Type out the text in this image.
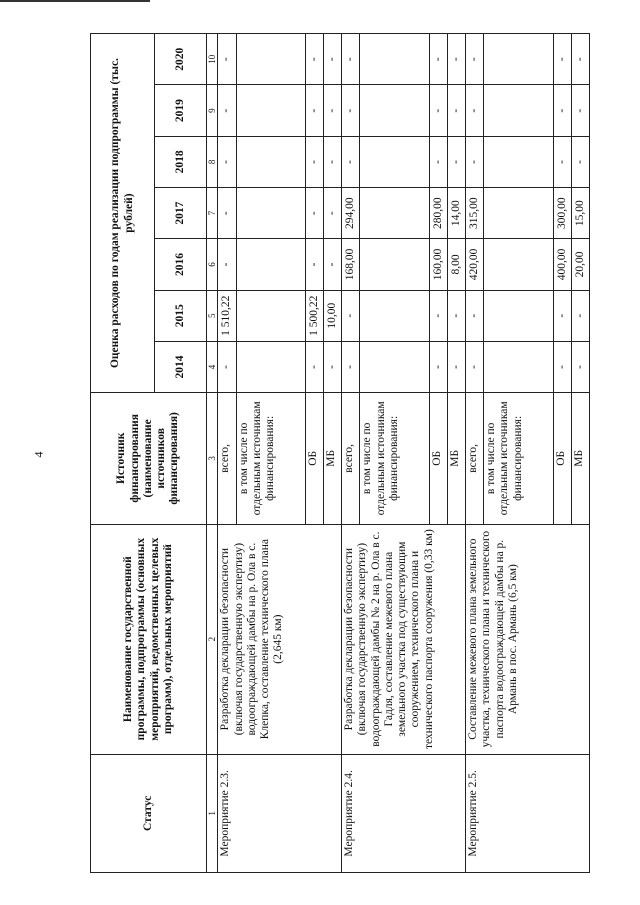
4
Статус	Наименование государственной программы, подпрограммы (основных мероприятий, ведомственных целевых программ), отдельных мероприятий	Источник финансирования (наименование источников финансирования)	Оценка расходов по годам реализации подпрограммы (тыс. рублей)						
			2014	2015	2016	2017	2018	2019	2020
1	2	3	4	5	6	7	8	9	10
Мероприятие 2.3.	Разработка декларации безопасности (включая государственную экспертизу) водоограждающей дамбы на р. Ола в с. Клепка, составление технического плана (2,645 км)	всего,	-	1 510,22	-	-	-	-	-
		в том числе по отдельным источникам финансирования:							
		ОБ	-	1 500,22	-	-	-	-	-
		МБ	-	10,00	-	-	-	-	-
Мероприятие 2.4.	Разработка декларации безопасности (включая государственную экспертизу) водоограждающей дамбы № 2 на р. Ола в с. Гадля, составление межевого плана земельного участка под существующим сооружением, технического плана и технического паспорта сооружения (0,33 км)	всего,	-	-	168,00	294,00	-	-	-
		в том числе по отдельным источникам финансирования:							
		ОБ	-	-	160,00	280,00	-	-	-
		МБ	-	-	8,00	14,00	-	-	-
Мероприятие 2.5.	Составление межевого плана земельного участка, технического плана и технического паспорта водоограждающей дамбы на р. Армань в пос. Армань (6,5 км)	всего,	-	-	420,00	315,00	-	-	-
		в том числе по отдельным источникам финансирования:							
		ОБ	-	-	400,00	300,00	-	-	-
		МБ	-	-	20,00	15,00	-	-	-
